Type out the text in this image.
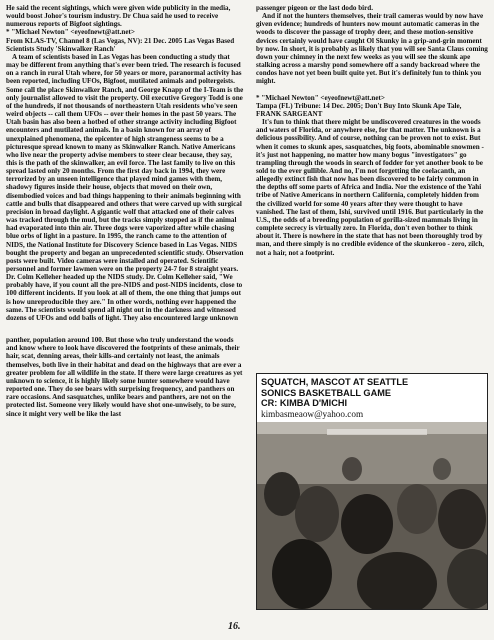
He said the recent sightings, which were given wide publicity in the media, would boost Johor's tourism industry. Dr Chua said he used to receive numerous reports of Bigfoot sightings.

* "Michael Newton" <eyeofnewt@att.net>

From KLAS-TV, Channel 8 (Las Vegas, NV): 21 Dec. 2005 Las Vegas Based Scientists Study 'Skinwalker Ranch'

A team of scientists based in Las Vegas has been conducting a study that may be different from anything that's ever been tried. The research is focused on a ranch in rural Utah where, for 50 years or more, paranormal activity has been reported, including UFOs, Bigfoot, mutilated animals and poltergeists. Some call the place Skinwalker Ranch, and George Knapp of the I-Team is the only journalist allowed to visit the property. Oil executive Gregory Todd is one of the hundreds, if not thousands of northeastern Utah residents who've seen weird objects -- call them UFOs -- over their homes in the past 50 years. The Utah basin has also been a hotbed of other strange activity including Bigfoot encounters and mutilated animals. In a basin known for an array of unexplained phenomena, the epicenter of high strangeness seems to be a picturesque spread known to many as Skinwalker Ranch. Native Americans who live near the property advise members to steer clear because, they say, this is the path of the skinwalker, an evil force. The last family to live on this spread lasted only 20 months. From the first day back in 1994, they were terrorized by an unseen intelligence that played mind games with them, shadowy figures inside their house, objects that moved on their own, disembodied voices and bad things happening to their animals beginning with cattle and bulls that disappeared and others that were carved up with surgical precision in broad daylight. A gigantic wolf that attacked one of their calves was tracked through the mud, but the tracks simply stopped as if the animal had evaporated into thin air. Three dogs were vaporized after while chasing blue orbs of light in a pasture. In 1995, the ranch came to the attention of NIDS, the National Institute for Discovery Science based in Las Vegas. NIDS bought the property and began an unprecedented scientific study. Observation posts were built. Video cameras were installed and operated. Scientific personnel and former lawmen were on the property 24-7 for 8 straight years. Dr. Colm Kelleher headed up the NIDS study. Dr. Colm Kelleher said, "We probably have, if you count all the pre-NIDS and post-NIDS incidents, close to 100 different incidents. If you look at all of them, the one thing that jumps out is how unreproducible they are." In other words, nothing ever happened the same. The scientists would spend all night out in the darkness and witnessed dozens of UFOs and odd balls of light. They also encountered large unknown

panther, population around 100. But those who truly understand the woods and know where to look have discovered the footprints of these animals, their hair, scat, denning areas, their kills-and certainly not least, the animals themselves, both live in their habitat and dead on the highways that are ever a greater problem for all wildlife in the state. If there were large creatures as yet unknown to science, it is highly likely some hunter somewhere would have reported one. They do see bears with surprising frequency, and panthers on rare occasions. And sasquatches, unlike bears and panthers, are not on the protected list. Someone very likely would have shot one-unwisely, to be sure, since it might very well be like the last

passenger pigeon or the last dodo bird.

And if not the hunters themselves, their trail cameras would by now have given evidence; hundreds of hunters now mount automatic cameras in the woods to discover the passage of trophy deer, and these motion-sensitive devices certainly would have caught Ol Skunky in a grip-and-grin moment by now. In short, it is probably as likely that you will see Santa Claus coming down your chimney in the next few weeks as you will see the skunk ape stalking across a marshy pond somewhere off a sandy backroad where the condos have not yet been built quite yet. But it's definitely fun to think you might.

* "Michael Newton" <eyeofnewt@att.net>

Tampa (FL) Tribune: 14 Dec. 2005; Don't Buy Into Skunk Ape Tale, FRANK SARGEANT

It's fun to think that there might be undiscovered creatures in the woods and waters of Florida, or anywhere else, for that matter. The unknown is a delicious possibility. And of course, nothing can be proven not to exist. But when it comes to skunk apes, sasquatches, big foots, abominable snowmen - it's just not happening, no matter how many bogus "investigators" go trampling through the woods in search of fodder for yet another book to be sold to the ever gullible. And no, I'm not forgetting the coelacanth, an allegedly extinct fish that now has been discovered to be fairly common in the depths off some parts of Africa and India. Nor the existence of the Yahi tribe of Native Americans in northern California, completely hidden from the civilized world for some 40 years after they were thought to have vanished. The last of them, Ishi, survived until 1916. But particularly in the U.S., the odds of a breeding population of gorilla-sized mammals living in complete secrecy is virtually zero. In Florida, don't even bother to think about it. There is nowhere in the state that has not been thoroughly trod by man, and there simply is no credible evidence of the skunkeroo - zero, zilch, not a hair, not a footprint.

SQUATCH, MASCOT AT SEATTLE
SONICS BASKETBALL GAME
CR: KIMBA D'MICHI
kimbasmeaow@yahoo.com
16.
